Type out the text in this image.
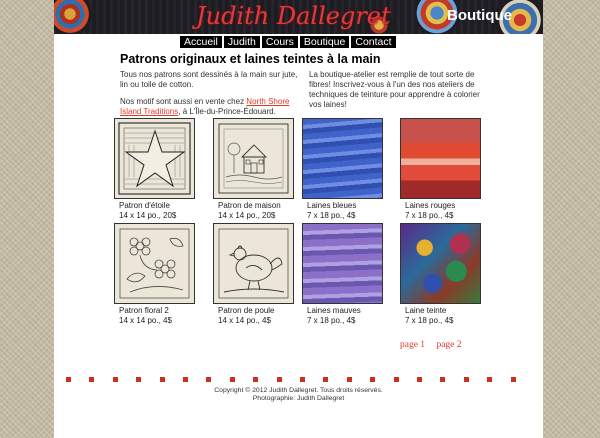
Judith Dallegret	Boutique
Accueil Judith Cours Boutique Contact
Patrons originaux et laines teintes à la main

Tous nos patrons sont dessinés à la main sur jute, lin ou toile de cotton.

Nos motif sont aussi en vente chez North Shore Island Traditions, à L'Île-du-Prince-Édouard.

La boutique-atelier est remplie de tout sorte de fibres! Inscrivez-vous à l'un des nos ateliers de techniques de teinture pour apprendre à colorier vos laines!

Patron d'étoile
14 x 14 po., 20$
Patron de maison
14 x 14 po., 20$
Laines bleues
7 x 18 po., 4$
Laines rouges
7 x 18 po., 4$
Patron floral 2
14 x 14 po., 4$
Patron de poule
14 x 14 po., 4$
Laines mauves
7 x 18 po., 4$
Laine teinte
7 x 18 po., 4$
page 1 page 2
Copyright © 2012 Judith Dallegret. Tous droits réservés.
Photographie: Judith Dallegret
